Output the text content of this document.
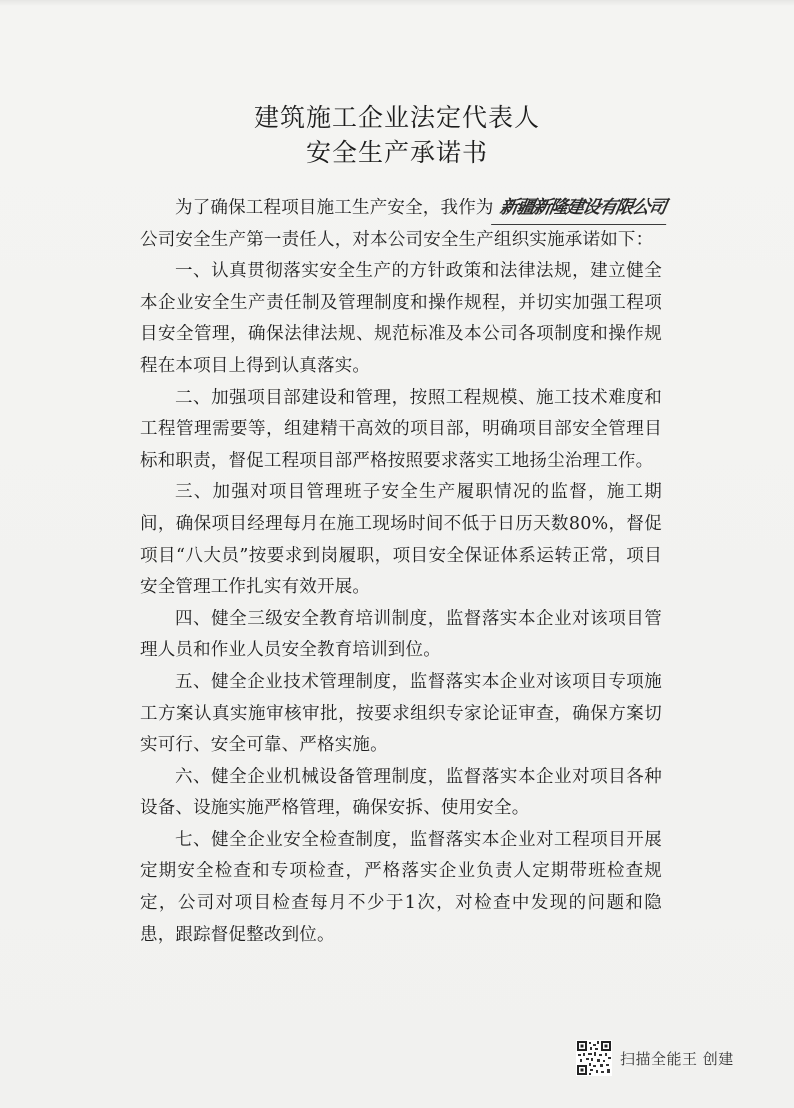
建筑施工企业法定代表人
安全生产承诺书

为了确保工程项目施工生产安全，我作为 新疆新隆建设有限公司

公司安全生产第一责任人，对本公司安全生产组织实施承诺如下：

一、认真贯彻落实安全生产的方针政策和法律法规，建立健全本企业安全生产责任制及管理制度和操作规程，并切实加强工程项目安全管理，确保法律法规、规范标准及本公司各项制度和操作规程在本项目上得到认真落实。

二、加强项目部建设和管理，按照工程规模、施工技术难度和工程管理需要等，组建精干高效的项目部，明确项目部安全管理目标和职责，督促工程项目部严格按照要求落实工地扬尘治理工作。

三、加强对项目管理班子安全生产履职情况的监督，施工期间，确保项目经理每月在施工现场时间不低于日历天数80%，督促项目“八大员”按要求到岗履职，项目安全保证体系运转正常，项目安全管理工作扎实有效开展。

四、健全三级安全教育培训制度，监督落实本企业对该项目管理人员和作业人员安全教育培训到位。

五、健全企业技术管理制度，监督落实本企业对该项目专项施工方案认真实施审核审批，按要求组织专家论证审查，确保方案切实可行、安全可靠、严格实施。

六、健全企业机械设备管理制度，监督落实本企业对项目各种设备、设施实施严格管理，确保安拆、使用安全。

七、健全企业安全检查制度，监督落实本企业对工程项目开展定期安全检查和专项检查，严格落实企业负责人定期带班检查规定，公司对项目检查每月不少于1次，对检查中发现的问题和隐患，跟踪督促整改到位。

扫描全能王 创建
